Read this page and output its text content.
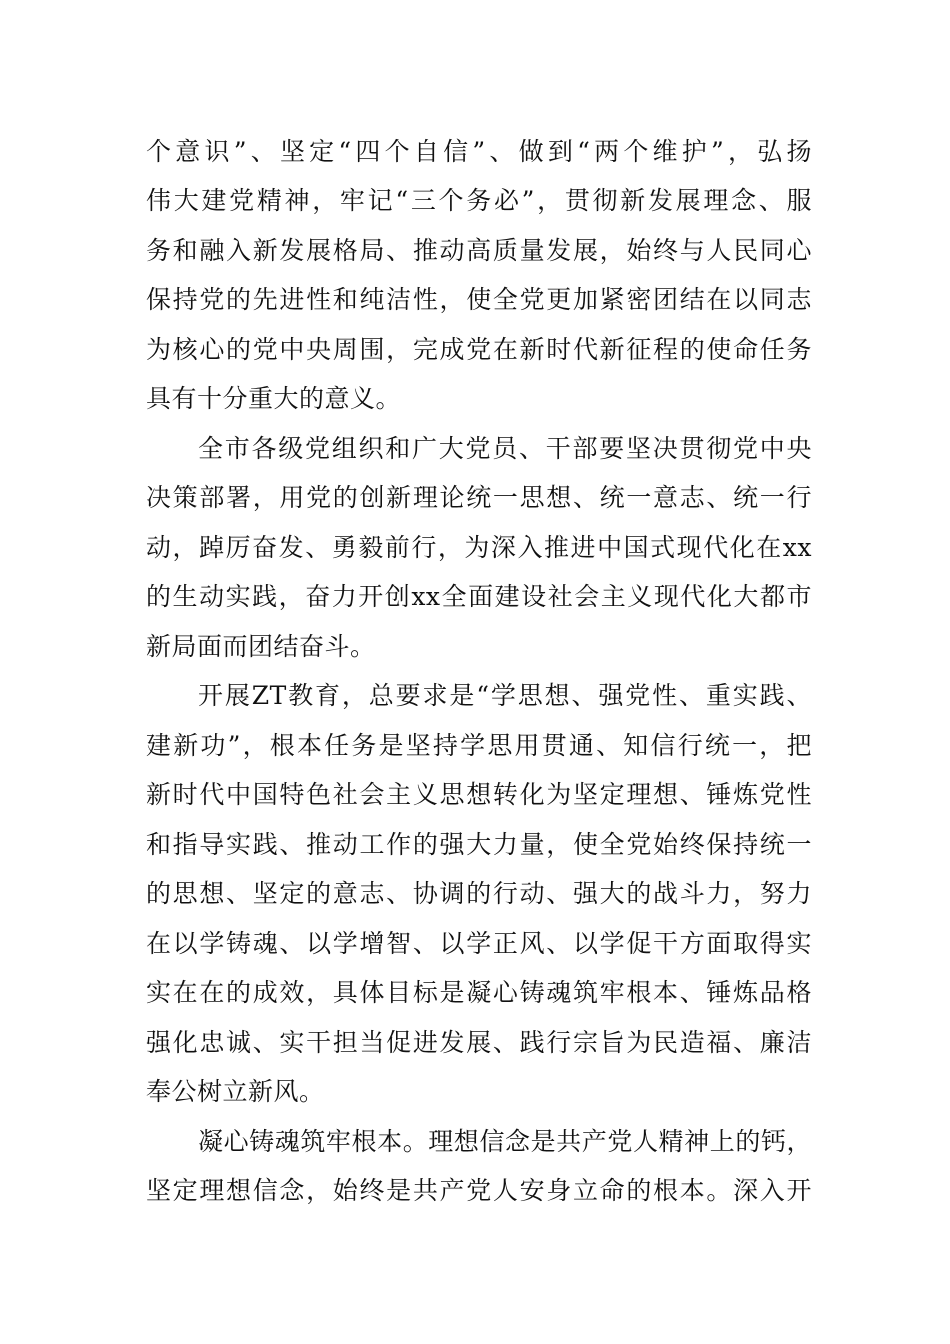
个意识”、坚定“四个自信”、做到“两个维护”，弘扬
伟大建党精神，牢记“三个务必”，贯彻新发展理念、服
务和融入新发展格局、推动高质量发展，始终与人民同心
保持党的先进性和纯洁性，使全党更加紧密团结在以同志
为核心的党中央周围，完成党在新时代新征程的使命任务
具有十分重大的意义。
全市各级党组织和广大党员、干部要坚决贯彻党中央
决策部署，用党的创新理论统一思想、统一意志、统一行
动，踔厉奋发、勇毅前行，为深入推进中国式现代化在xx
的生动实践，奋力开创xx全面建设社会主义现代化大都市
新局面而团结奋斗。
开展ZT教育，总要求是“学思想、强党性、重实践、
建新功”，根本任务是坚持学思用贯通、知信行统一，把
新时代中国特色社会主义思想转化为坚定理想、锤炼党性
和指导实践、推动工作的强大力量，使全党始终保持统一
的思想、坚定的意志、协调的行动、强大的战斗力，努力
在以学铸魂、以学增智、以学正风、以学促干方面取得实
实在在的成效，具体目标是凝心铸魂筑牢根本、锤炼品格
强化忠诚、实干担当促进发展、践行宗旨为民造福、廉洁
奉公树立新风。
凝心铸魂筑牢根本。理想信念是共产党人精神上的钙，
坚定理想信念，始终是共产党人安身立命的根本。深入开
